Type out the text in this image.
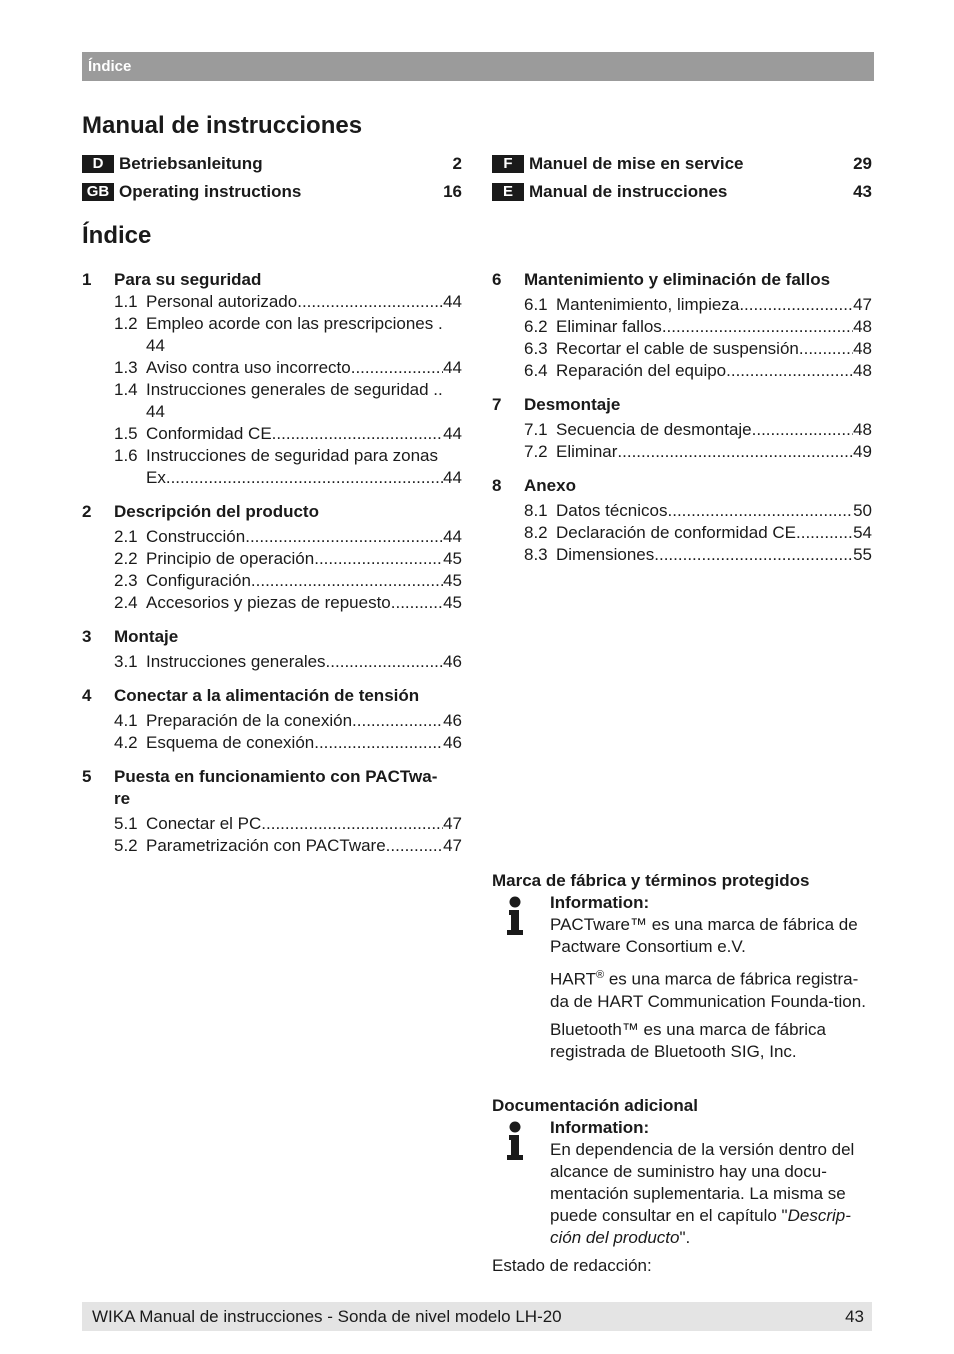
Índice
Manual de instrucciones
D Betriebsanleitung	2
GB Operating instructions	16
F Manuel de mise en service	29
E Manual de instrucciones	43
Índice
1 Para su seguridad
1.1 Personal autorizado .....	44
1.2 Empleo acorde con las prescripciones .
44
1.3 Aviso contra uso incorrecto .....	44
1.4 Instrucciones generales de seguridad ..
44
1.5 Conformidad CE .....	44
1.6 Instrucciones de seguridad para zonas
Ex .....	44
2 Descripción del producto
2.1 Construcción .....	44
2.2 Principio de operación .....	45
2.3 Configuración .....	45
2.4 Accesorios y piezas de repuesto .....	45
3 Montaje
3.1 Instrucciones generales .....	46
4 Conectar a la alimentación de tensión
4.1 Preparación de la conexión .....	46
4.2 Esquema de conexión .....	46
5 Puesta en funcionamiento con PACTwa-
re
5.1 Conectar el PC .....	47
5.2 Parametrización con PACTware .....	47
6 Mantenimiento y eliminación de fallos
6.1 Mantenimiento, limpieza .....	47
6.2 Eliminar fallos .....	48
6.3 Recortar el cable de suspensión .....	48
6.4 Reparación del equipo .....	48
7 Desmontaje
7.1 Secuencia de desmontaje .....	48
7.2 Eliminar .....	49
8 Anexo
8.1 Datos técnicos .....	50
8.2 Declaración de conformidad CE .....	54
8.3 Dimensiones .....	55
Marca de fábrica y términos protegidos

Information:

PACTware™ es una marca de fábrica de Pactware Consortium e.V.

HART® es una marca de fábrica registra-da de HART Communication Founda-tion.

Bluetooth™ es una marca de fábrica registrada de Bluetooth SIG, Inc.

Documentación adicional

Information:

En dependencia de la versión dentro del alcance de suministro hay una docu-mentación suplementaria. La misma se puede consultar en el capítulo "Descrip-ción del producto".

Estado de redacción:
WIKA Manual de instrucciones - Sonda de nivel modelo LH-20	43
